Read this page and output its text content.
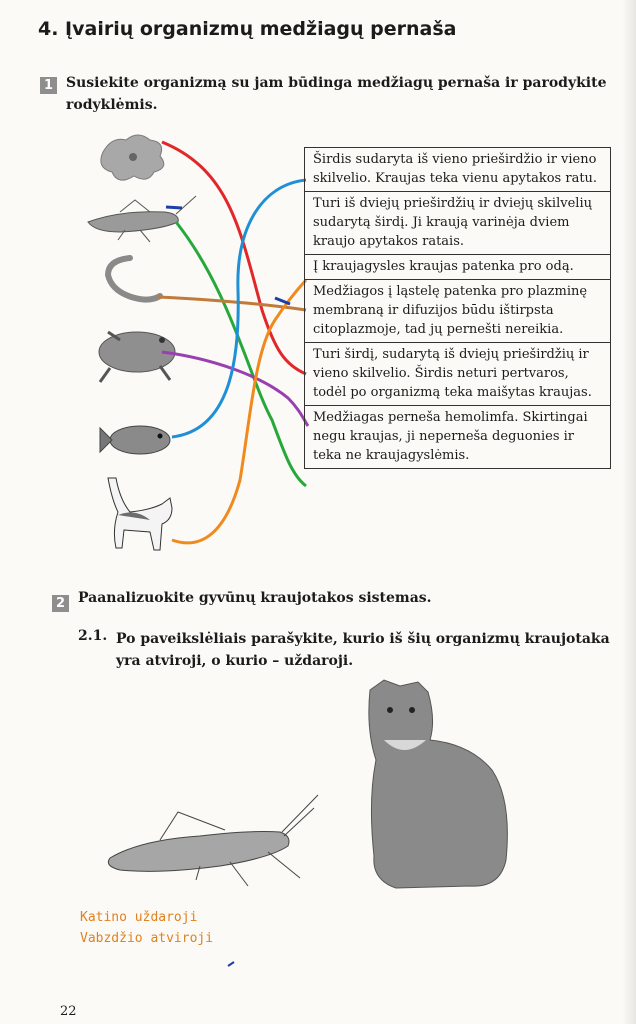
4. Įvairių organizmų medžiagų pernaša
1 Susiekite organizmą su jam būdinga medžiagų pernaša ir parodykite rodyklėmis.
Širdis sudaryta iš vieno prieširdžio ir vieno skilvelio. Kraujas teka vienu apytakos ratu.
Turi iš dviejų prieširdžių ir dviejų skilvelių sudarytą širdį. Ji kraują varinėja dviem kraujo apytakos ratais.
Į kraujagysles kraujas patenka pro odą.
Medžiagos į ląstelę patenka pro plazminę membraną ir difuzijos būdu ištirpsta citoplazmoje, tad jų pernešti nereikia.
Turi širdį, sudarytą iš dviejų prieširdžių ir vieno skilvelio. Širdis neturi pertvaros, todėl po organizmą teka maišytas kraujas.
Medžiagas perneša hemolimfa. Skirtingai negu kraujas, ji neperneša deguonies ir teka ne kraujagyslėmis.
2 Paanalizuokite gyvūnų kraujotakos sistemas.
2.1. Po paveikslėliais parašykite, kurio iš šių organizmų kraujotaka yra atviroji, o kurio – uždaroji.
Katino uždaroji
Vabzdžio atviroji
22
